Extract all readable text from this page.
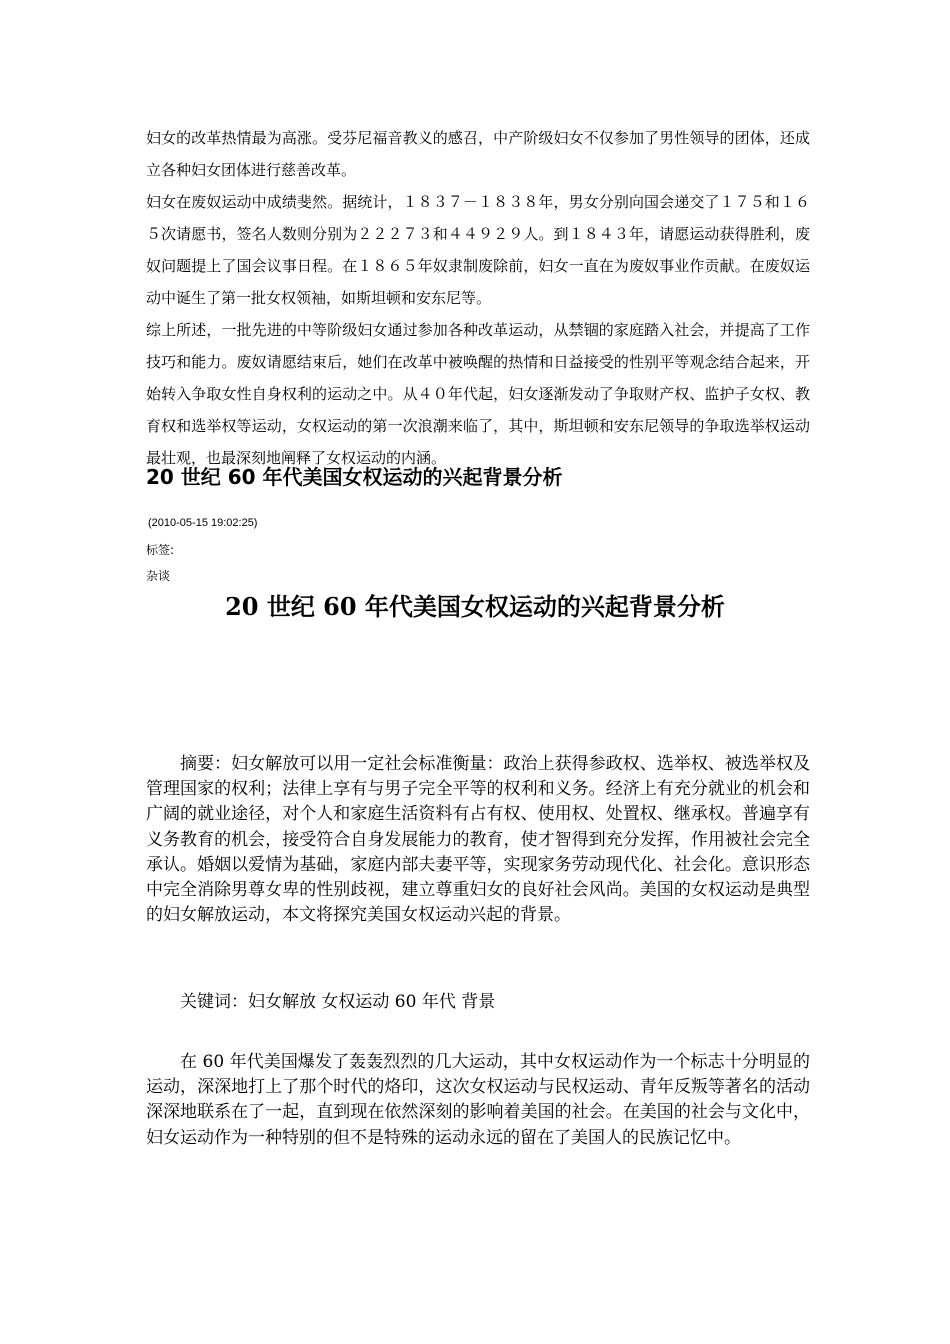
妇女的改革热情最为高涨。受芬尼福音教义的感召，中产阶级妇女不仅参加了男性领导的团体，还成立各种妇女团体进行慈善改革。

妇女在废奴运动中成绩斐然。据统计，１８３７－１８３８年，男女分别向国会递交了１７５和１６５次请愿书，签名人数则分别为２２２７３和４４９２９人。到１８４３年，请愿运动获得胜利，废奴问题提上了国会议事日程。在１８６５年奴隶制废除前，妇女一直在为废奴事业作贡献。在废奴运动中诞生了第一批女权领袖，如斯坦顿和安东尼等。

综上所述，一批先进的中等阶级妇女通过参加各种改革运动，从禁锢的家庭踏入社会，并提高了工作技巧和能力。废奴请愿结束后，她们在改革中被唤醒的热情和日益接受的性别平等观念结合起来，开始转入争取女性自身权利的运动之中。从４０年代起，妇女逐渐发动了争取财产权、监护子女权、教育权和选举权等运动，女权运动的第一次浪潮来临了，其中，斯坦顿和安东尼领导的争取选举权运动最壮观，也最深刻地阐释了女权运动的内涵。

20 世纪 60 年代美国女权运动的兴起背景分析
(2010-05-15 19:02:25)
标签:
杂谈
20 世纪 60 年代美国女权运动的兴起背景分析

摘要：妇女解放可以用一定社会标准衡量：政治上获得参政权、选举权、被选举权及管理国家的权利；法律上享有与男子完全平等的权利和义务。经济上有充分就业的机会和广阔的就业途径，对个人和家庭生活资料有占有权、使用权、处置权、继承权。普遍享有义务教育的机会，接受符合自身发展能力的教育，使才智得到充分发挥，作用被社会完全承认。婚姻以爱情为基础，家庭内部夫妻平等，实现家务劳动现代化、社会化。意识形态中完全消除男尊女卑的性别歧视，建立尊重妇女的良好社会风尚。美国的女权运动是典型的妇女解放运动，本文将探究美国女权运动兴起的背景。

关键词：妇女解放 女权运动 60 年代 背景

在 60 年代美国爆发了轰轰烈烈的几大运动，其中女权运动作为一个标志十分明显的运动，深深地打上了那个时代的烙印，这次女权运动与民权运动、青年反叛等著名的活动深深地联系在了一起，直到现在依然深刻的影响着美国的社会。在美国的社会与文化中，妇女运动作为一种特别的但不是特殊的运动永远的留在了美国人的民族记忆中。
